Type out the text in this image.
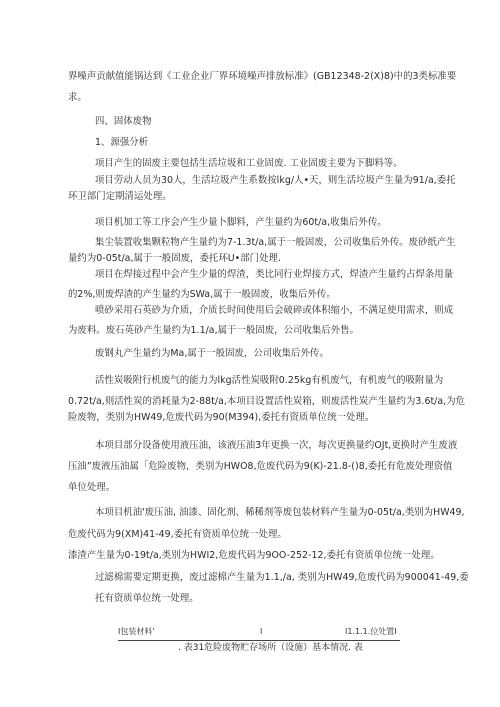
界噪声贡献值能锅达到《工业企业厂界环境噪声排放标准》(GB12348-2(X)8)中的3类标准要
求。
四、固体废物
1、源强分析
项目产生的固废主要包括生活垃圾和工业固废. 工业固废主要为下脚料等。
项目劳动人员为30人，生活垃圾产生系数按lkg/人•天，则生活垃圾产生量为91/a,委托
环卫部门定期清运处理。
项目机加工等工序会产生少量卜脚料，产生量约为60t/a,收集后外传。
集尘装置收集颗粒物产生量约为7-1.3t/a,属于一般固废，公司收集后外传。废砂纸产生
量约为0-05t/a,属于一般固废，委托环U•部门处理.
项目在焊接过程中会产生少量的焊渣，类比同行业焊接方式，焊渣产生量约占焊条用量
的2%,则废焊渣的产生量约为SWa,属于一般固废，收集后外传。
喷砂采用石英砂为介质，介质长时间使用后会破碎或体积缩小，不满足使用需求，则成
为废料。废石英砂产生量约为1.1/a,属于一般固废，公司收集后外售。
废钢丸产生量约为Ma,属于一般固废，公司收集后外传。
活性炭吸附行机废气的能力为lkg活性炭吸附0.25kg有机废气，有机废气的吸附量为
0.72t/a,则活性炭的消耗量为2-88t/a,本项目设置活性炭箱，则废活性炭产生量约为3.6t/a,为危
险废物，类别为HW49,危废代码为90(M394),委托有资质单位统一处理。
本项目部分设备使用液压油，该液压油3年更换一次，每次更换量约OJt,更换时产生废液
压油”废液压油属「危险废物，类别为HWO8,危废代码为9(K)-21.8-()8,委托有危废处理资值
单位处理。
本项目机油'废压油, 油漆、固化剂、稀稀剂等废包装材料产生量为0-05t/a,类别为HW49,
危废代码为9(XM)41-49,委托有资质单位统一处理。
漆渣产生量为0-19t/a,类别为HWI2,危废代码为9OO-252-12,委托有资质单位统一处理。
过滤棉需要定期更换，废过滤棉产生量为1.1,/a, 类别为HW49,危废代码为900041-49,委
托有资质单位统一处理。
I包装材料'	I	I1.1.1.位处置I
. 表31危险废物贮存场所（设施）基本情况. 表
